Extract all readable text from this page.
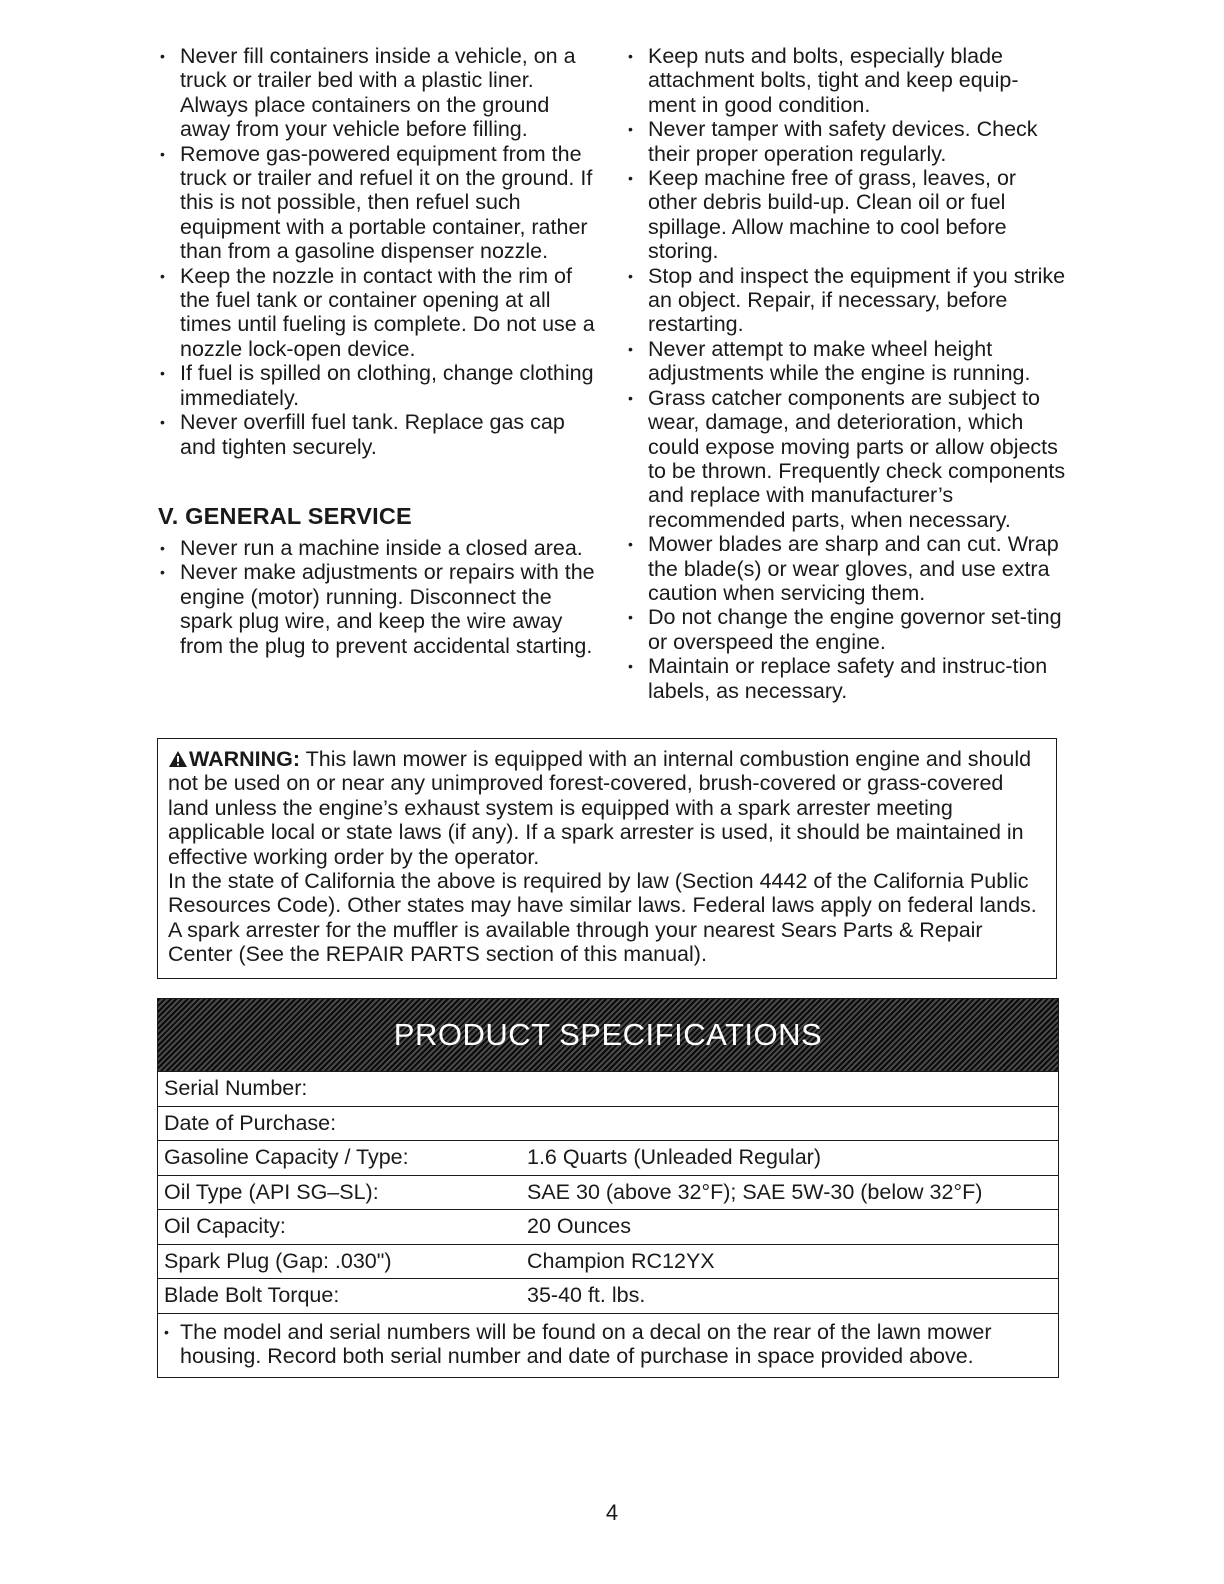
• Never fill containers inside a vehicle, on a truck or trailer bed with a plastic liner. Always place containers on the ground away from your vehicle before filling.
• Remove gas-powered equipment from the truck or trailer and refuel it on the ground. If this is not possible, then refuel such equipment with a portable container, rather than from a gasoline dispenser nozzle.
• Keep the nozzle in contact with the rim of the fuel tank or container opening at all times until fueling is complete. Do not use a nozzle lock-open device.
• If fuel is spilled on clothing, change clothing immediately.
• Never overfill fuel tank. Replace gas cap and tighten securely.
V. GENERAL SERVICE
• Never run a machine inside a closed area.
• Never make adjustments or repairs with the engine (motor) running. Disconnect the spark plug wire, and keep the wire away from the plug to prevent accidental starting.
• Keep nuts and bolts, especially blade attachment bolts, tight and keep equip-ment in good condition.
• Never tamper with safety devices. Check their proper operation regularly.
• Keep machine free of grass, leaves, or other debris build-up. Clean oil or fuel spillage. Allow machine to cool before storing.
• Stop and inspect the equipment if you strike an object. Repair, if necessary, before restarting.
• Never attempt to make wheel height adjustments while the engine is running.
• Grass catcher components are subject to wear, damage, and deterioration, which could expose moving parts or allow objects to be thrown. Frequently check components and replace with manufacturer’s recommended parts, when necessary.
• Mower blades are sharp and can cut. Wrap the blade(s) or wear gloves, and use extra caution when servicing them.
• Do not change the engine governor set-ting or overspeed the engine.
• Maintain or replace safety and instruc-tion labels, as necessary.

WARNING: This lawn mower is equipped with an internal combustion engine and should not be used on or near any unimproved forest-covered, brush-covered or grass-covered land unless the engine’s exhaust system is equipped with a spark arrester meeting applicable local or state laws (if any). If a spark arrester is used, it should be maintained in effective working order by the operator.

In the state of California the above is required by law (Section 4442 of the California Public Resources Code). Other states may have similar laws. Federal laws apply on federal lands. A spark arrester for the muffler is available through your nearest Sears Parts & Repair Center (See the REPAIR PARTS section of this manual).

PRODUCT SPECIFICATIONS
Serial Number:
Date of Purchase:
Gasoline Capacity / Type:	1.6 Quarts (Unleaded Regular)
Oil Type (API SG–SL):	SAE 30 (above 32°F); SAE 5W-30 (below 32°F)
Oil Capacity:	20 Ounces
Spark Plug (Gap: .030")	Champion RC12YX
Blade Bolt Torque:	35-40 ft. lbs.
• The model and serial numbers will be found on a decal on the rear of the lawn mower housing. Record both serial number and date of purchase in space provided above.
4
